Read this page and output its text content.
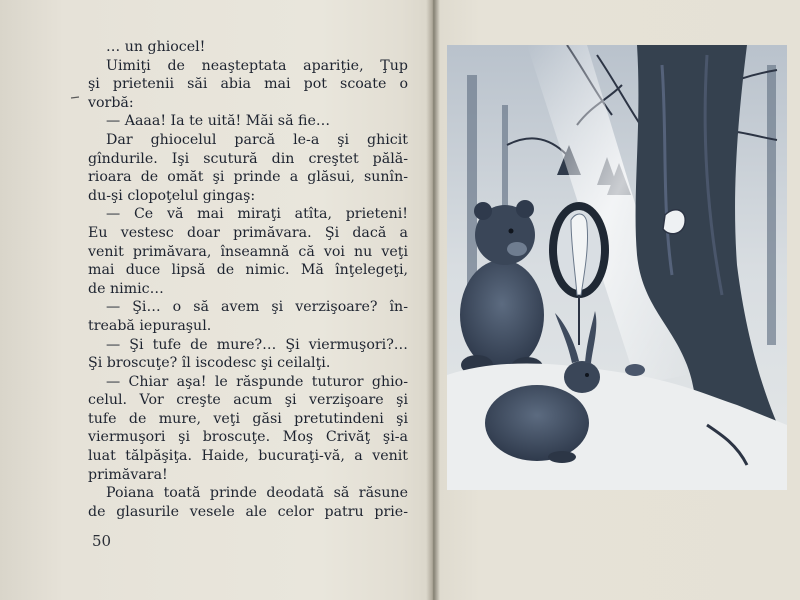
… un ghiocel!

Uimiţi de neaşteptata apariţie, Ţup

şi prietenii săi abia mai pot scoate o

vorbă:

— Aaaa! Ia te uită! Măi să fie…

Dar ghiocelul parcă le-a şi ghicit

gîndurile. Işi scutură din creştet pălă-

rioara de omăt şi prinde a glăsui, sunîn-

du-şi clopoţelul gingaş:

— Ce vă mai miraţi atîta, prieteni!

Eu vestesc doar primăvara. Şi dacă a

venit primăvara, înseamnă că voi nu veţi

mai duce lipsă de nimic. Mă înţelegeţi,

de nimic…

— Şi… o să avem şi verzişoare? în-

treabă iepuraşul.

— Şi tufe de mure?… Şi viermuşori?…

Şi broscuţe? îl iscodesc şi ceilalţi.

— Chiar aşa! le răspunde tuturor ghio-

celul. Vor creşte acum şi verzişoare şi

tufe de mure, veţi găsi pretutindeni şi

viermuşori şi broscuţe. Moş Crivăţ şi-a

luat tălpăşiţa. Haide, bucuraţi-vă, a venit

primăvara!

Poiana toată prinde deodată să răsune

de glasurile vesele ale celor patru prie-

50
